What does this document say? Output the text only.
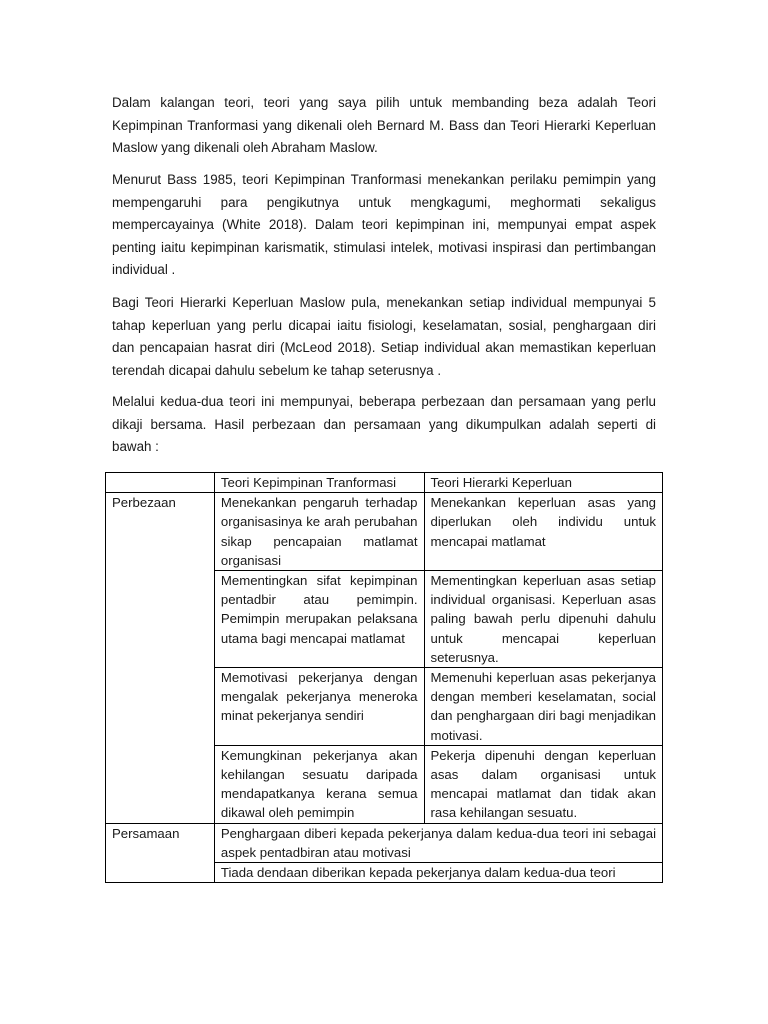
Dalam kalangan teori, teori yang saya pilih untuk membanding beza adalah Teori Kepimpinan Tranformasi yang dikenali oleh Bernard M. Bass dan Teori Hierarki Keperluan Maslow yang dikenali oleh Abraham Maslow.

Menurut Bass 1985, teori Kepimpinan Tranformasi menekankan perilaku pemimpin yang mempengaruhi para pengikutnya untuk mengkagumi, meghormati sekaligus mempercayainya (White 2018). Dalam teori kepimpinan ini, mempunyai empat aspek penting iaitu kepimpinan karismatik, stimulasi intelek, motivasi inspirasi dan pertimbangan individual .

Bagi Teori Hierarki Keperluan Maslow pula, menekankan setiap individual mempunyai 5 tahap keperluan yang perlu dicapai iaitu fisiologi, keselamatan, sosial, penghargaan diri dan pencapaian hasrat diri (McLeod 2018). Setiap individual akan memastikan keperluan terendah dicapai dahulu sebelum ke tahap seterusnya .

Melalui kedua-dua teori ini mempunyai, beberapa perbezaan dan persamaan yang perlu dikaji bersama. Hasil perbezaan dan persamaan yang dikumpulkan adalah seperti di bawah :

	Teori Kepimpinan Tranformasi	Teori Hierarki Keperluan
Perbezaan	Menekankan pengaruh terhadap organisasinya ke arah perubahan sikap pencapaian matlamat organisasi	Menekankan keperluan asas yang diperlukan oleh individu untuk mencapai matlamat
	Mementingkan sifat kepimpinan pentadbir atau pemimpin. Pemimpin merupakan pelaksana utama bagi mencapai matlamat	Mementingkan keperluan asas setiap individual organisasi. Keperluan asas paling bawah perlu dipenuhi dahulu untuk mencapai keperluan seterusnya.
	Memotivasi pekerjanya dengan mengalak pekerjanya meneroka minat pekerjanya sendiri	Memenuhi keperluan asas pekerjanya dengan memberi keselamatan, social dan penghargaan diri bagi menjadikan motivasi.
	Kemungkinan pekerjanya akan kehilangan sesuatu daripada mendapatkanya kerana semua dikawal oleh pemimpin	Pekerja dipenuhi dengan keperluan asas dalam organisasi untuk mencapai matlamat dan tidak akan rasa kehilangan sesuatu.
Persamaan	Penghargaan diberi kepada pekerjanya dalam kedua-dua teori ini sebagai aspek pentadbiran atau motivasi	
	Tiada dendaan diberikan kepada pekerjanya dalam kedua-dua teori	
